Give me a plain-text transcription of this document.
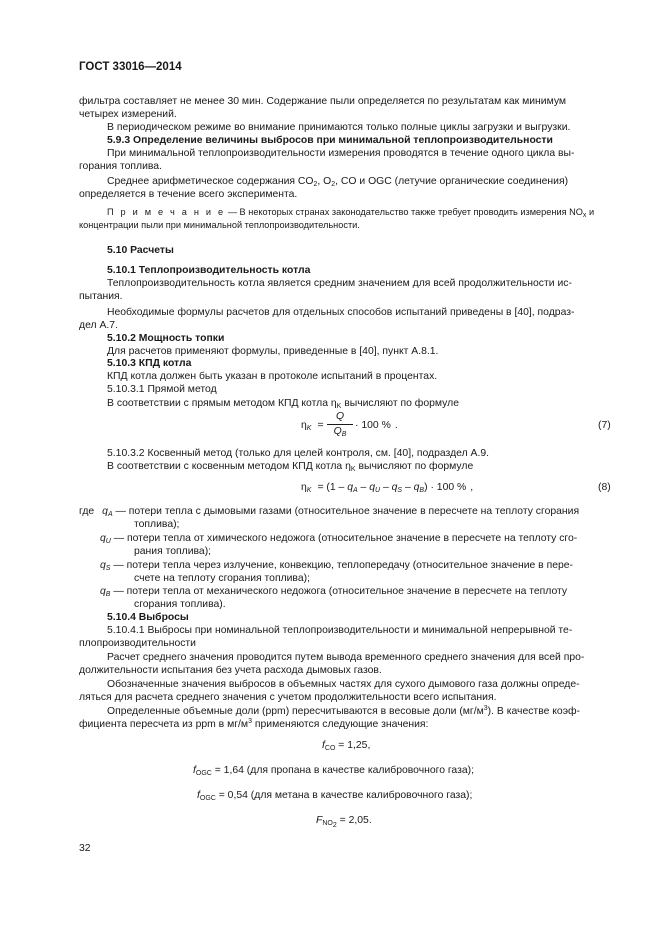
ГОСТ 33016—2014
фильтра составляет не менее 30 мин. Содержание пыли определяется по результатам как минимум
четырех измерений.
В периодическом режиме во внимание принимаются только полные циклы загрузки и выгрузки.
5.9.3 Определение величины выбросов при минимальной теплопроизводительности
При минимальной теплопроизводительности измерения проводятся в течение одного цикла вы-
горания топлива.
Среднее арифметическое содержания $CO_2$, $O_2$, CO и OGC (летучие органические соединения)
определяется в течение всего эксперимента.
П р и м е ч а н и е — В некоторых странах законодательство также требует проводить измерения $NO_x$ и
концентрации пыли при минимальной теплопроизводительности.
5.10 Расчеты
5.10.1 Теплопроизводительность котла
Теплопроизводительность котла является средним значением для всей продолжительности ис-
пытания.
Необходимые формулы расчетов для отдельных способов испытаний приведены в [40], подраз-
дел А.7.
5.10.2 Мощность топки
Для расчетов применяют формулы, приведенные в [40], пункт А.8.1.
5.10.3 КПД котла
КПД котла должен быть указан в протоколе испытаний в процентах.
5.10.3.1 Прямой метод
В соответствии с прямым методом КПД котла $\eta_K$ вычисляют по формуле
$\eta_K$ =
Q
$Q_B$
· 100 % .	(7)
5.10.3.2 Косвенный метод (только для целей контроля, см. [40], подраздел А.9.
В соответствии с косвенным методом КПД котла $\eta_K$ вычисляют по формуле
$\eta_K = (1 - q_A - q_U - q_S - q_B) \cdot 100$ % ,	(8)
где $q_A$ — потери тепла с дымовыми газами (относительное значение в пересчете на теплоту сгорания
топлива);
$q_U$ — потери тепла от химического недожога (относительное значение в пересчете на теплоту сго-
рания топлива);
$q_S$ — потери тепла через излучение, конвекцию, теплопередачу (относительное значение в пере-
счете на теплоту сгорания топлива);
$q_B$ — потери тепла от механического недожога (относительное значение в пересчете на теплоту
сгорания топлива).
5.10.4 Выбросы
5.10.4.1 Выбросы при номинальной теплопроизводительности и минимальной непрерывной те-
плопроизводительности
Расчет среднего значения проводится путем вывода временного среднего значения для всей про-
должительности испытания без учета расхода дымовых газов.
Обозначенные значения выбросов в объемных частях для сухого дымового газа должны опреде-
ляться для расчета среднего значения с учетом продолжительности всего испытания.
Определенные объемные доли (ppm) пересчитываются в весовые доли $(мг/м^3)$. В качестве коэф-
фициента пересчета из ppm в $мг/м^3$ применяются следующие значения:
$f_{CO} = 1,25$,
$f_{OGC} = 1,64$ (для пропана в качестве калибровочного газа);
$f_{OGC} = 0,54$ (для метана в качестве калибровочного газа);
$F_{NO_2} = 2,05$.
32
